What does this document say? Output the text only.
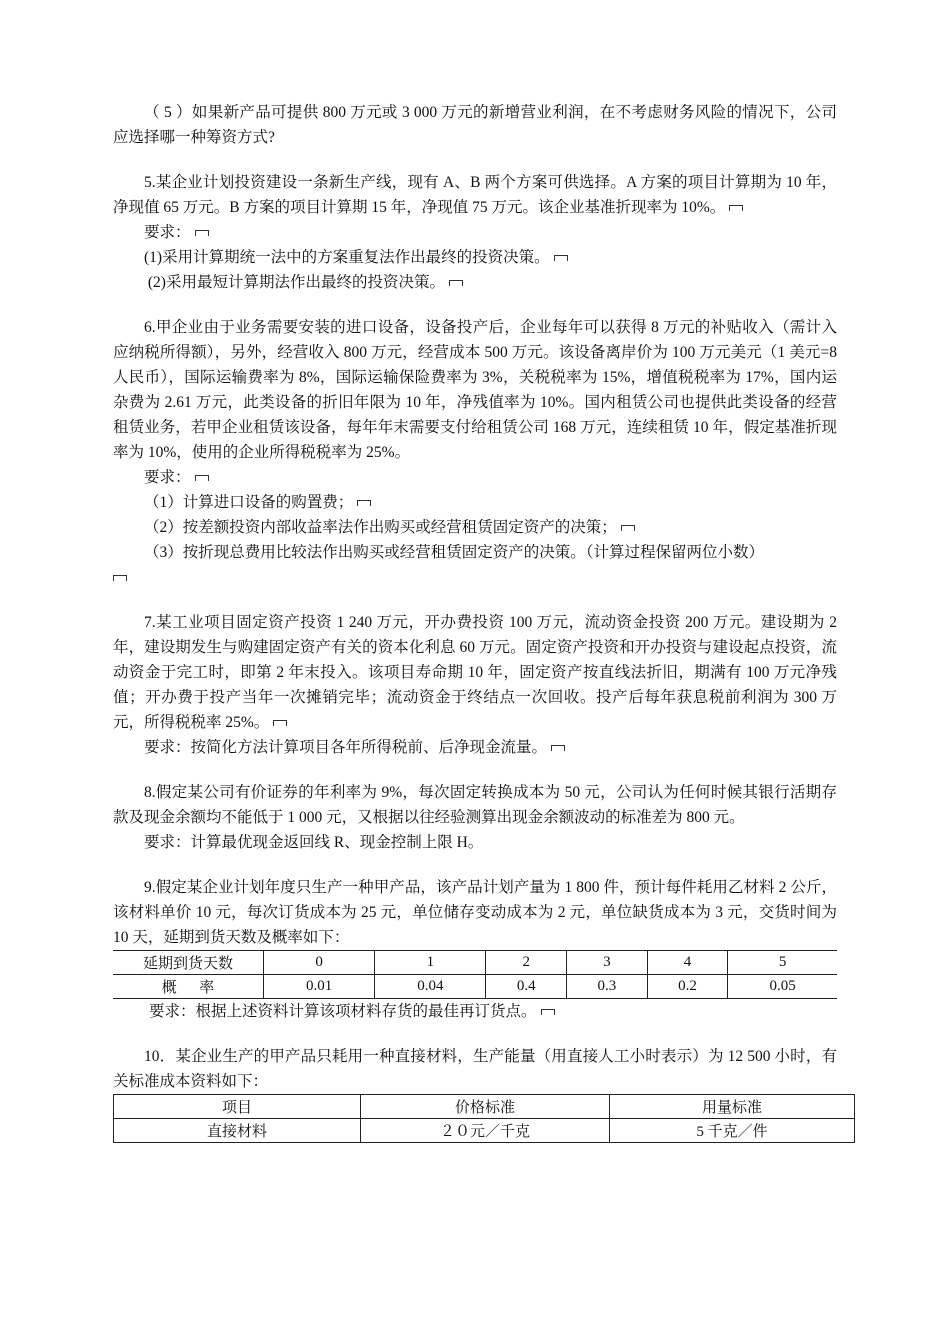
（ 5 ）如果新产品可提供 800 万元或 3 000 万元的新增营业利润，在不考虑财务风险的情况下，公司应选择哪一种筹资方式?

5.某企业计划投资建设一条新生产线，现有 A、B 两个方案可供选择。A 方案的项目计算期为 10 年，净现值 65 万元。B 方案的项目计算期 15 年，净现值 75 万元。该企业基准折现率为 10%。

要求：

(1)采用计算期统一法中的方案重复法作出最终的投资决策。

(2)采用最短计算期法作出最终的投资决策。

6.甲企业由于业务需要安装的进口设备，设备投产后，企业每年可以获得 8 万元的补贴收入（需计入应纳税所得额），另外，经营收入 800 万元，经营成本 500 万元。该设备离岸价为 100 万元美元（1 美元=8 人民币），国际运输费率为 8%，国际运输保险费率为 3%，关税税率为 15%，增值税税率为 17%，国内运杂费为 2.61 万元，此类设备的折旧年限为 10 年，净残值率为 10%。国内租赁公司也提供此类设备的经营租赁业务，若甲企业租赁该设备，每年年末需要支付给租赁公司 168 万元，连续租赁 10 年，假定基准折现率为 10%，使用的企业所得税税率为 25%。

要求：

（1）计算进口设备的购置费；

（2）按差额投资内部收益率法作出购买或经营租赁固定资产的决策；

（3）按折现总费用比较法作出购买或经营租赁固定资产的决策。（计算过程保留两位小数）

7.某工业项目固定资产投资 1 240 万元，开办费投资 100 万元，流动资金投资 200 万元。建设期为 2 年，建设期发生与购建固定资产有关的资本化利息 60 万元。固定资产投资和开办投资与建设起点投资，流动资金于完工时，即第 2 年末投入。该项目寿命期 10 年，固定资产按直线法折旧，期满有 100 万元净残值；开办费于投产当年一次摊销完毕；流动资金于终结点一次回收。投产后每年获息税前利润为 300 万元，所得税税率 25%。

要求：按简化方法计算项目各年所得税前、后净现金流量。

8.假定某公司有价证券的年利率为 9%，每次固定转换成本为 50 元，公司认为任何时候其银行活期存款及现金余额均不能低于 1 000 元，又根据以往经验测算出现金余额波动的标准差为 800 元。

要求：计算最优现金返回线 R、现金控制上限 H。

9.假定某企业计划年度只生产一种甲产品，该产品计划产量为 1 800 件，预计每件耗用乙材料 2 公斤，该材料单价 10 元，每次订货成本为 25 元，单位储存变动成本为 2 元，单位缺货成本为 3 元，交货时间为 10 天，延期到货天数及概率如下：

延期到货天数	0	1	2	3	4	5
概      率	0.01	0.04	0.4	0.3	0.2	0.05

要求：根据上述资料计算该项材料存货的最佳再订货点。

10．某企业生产的甲产品只耗用一种直接材料，生产能量（用直接人工小时表示）为 12 500 小时，有关标准成本资料如下：

项目	价格标准	用量标准
直接材料	２０元／千克	5 千克／件
